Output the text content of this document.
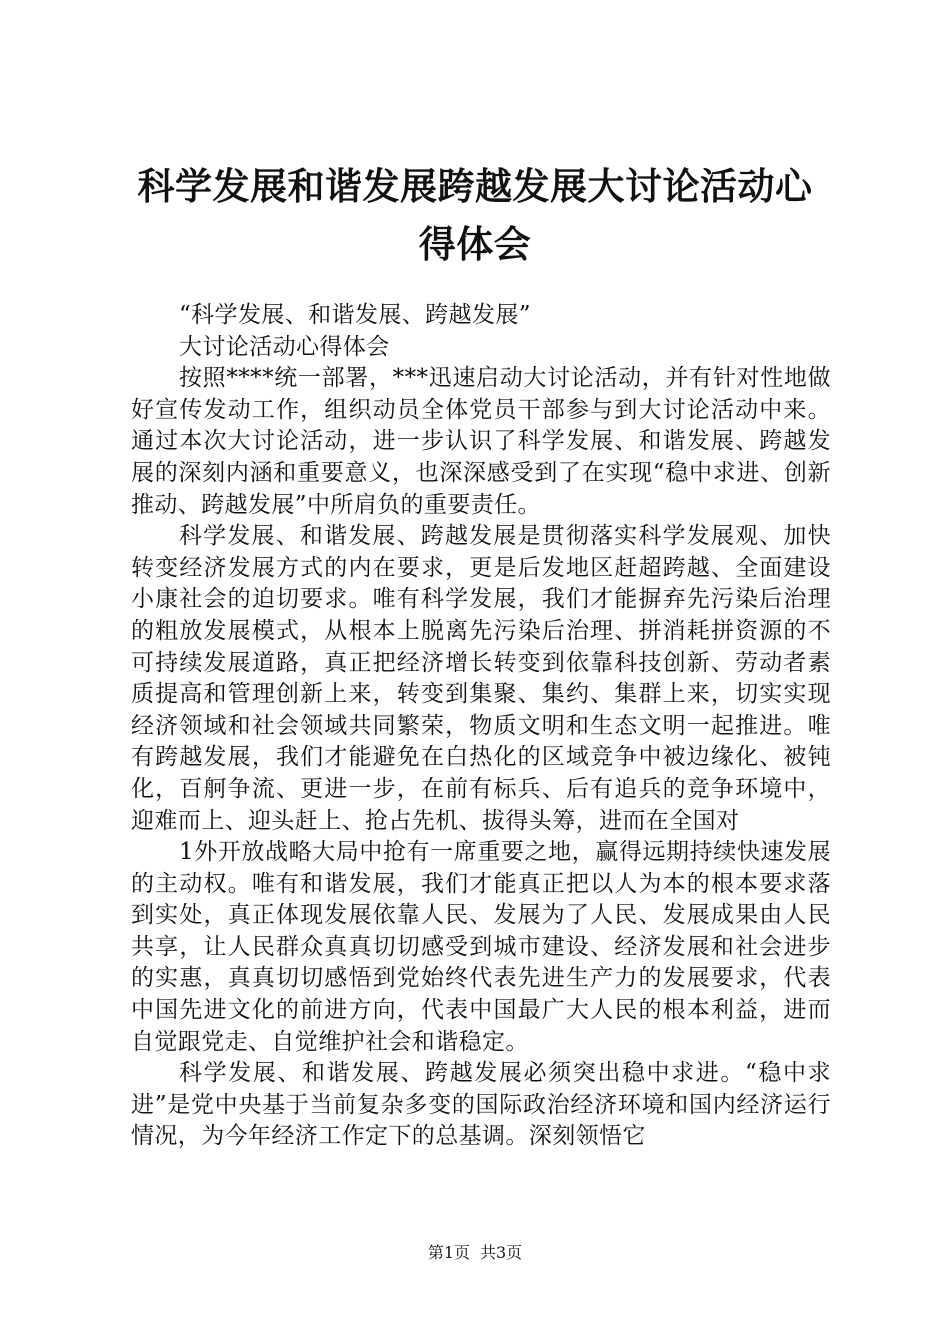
科学发展和谐发展跨越发展大讨论活动心得体会

“科学发展、和谐发展、跨越发展”

大讨论活动心得体会

按照****统一部署，***迅速启动大讨论活动，并有针对性地做好宣传发动工作，组织动员全体党员干部参与到大讨论活动中来。通过本次大讨论活动，进一步认识了科学发展、和谐发展、跨越发展的深刻内涵和重要意义，也深深感受到了在实现“稳中求进、创新推动、跨越发展”中所肩负的重要责任。

科学发展、和谐发展、跨越发展是贯彻落实科学发展观、加快转变经济发展方式的内在要求，更是后发地区赶超跨越、全面建设小康社会的迫切要求。唯有科学发展，我们才能摒弃先污染后治理的粗放发展模式，从根本上脱离先污染后治理、拼消耗拼资源的不可持续发展道路，真正把经济增长转变到依靠科技创新、劳动者素质提高和管理创新上来，转变到集聚、集约、集群上来，切实实现经济领域和社会领域共同繁荣，物质文明和生态文明一起推进。唯有跨越发展，我们才能避免在白热化的区域竞争中被边缘化、被钝化，百舸争流、更进一步，在前有标兵、后有追兵的竞争环境中，迎难而上、迎头赶上、抢占先机、拔得头筹，进而在全国对

1外开放战略大局中抢有一席重要之地，赢得远期持续快速发展的主动权。唯有和谐发展，我们才能真正把以人为本的根本要求落到实处，真正体现发展依靠人民、发展为了人民、发展成果由人民共享，让人民群众真真切切感受到城市建设、经济发展和社会进步的实惠，真真切切感悟到党始终代表先进生产力的发展要求，代表中国先进文化的前进方向，代表中国最广大人民的根本利益，进而自觉跟党走、自觉维护社会和谐稳定。

科学发展、和谐发展、跨越发展必须突出稳中求进。“稳中求进”是党中央基于当前复杂多变的国际政治经济环境和国内经济运行情况，为今年经济工作定下的总基调。深刻领悟它

第1页 共3页
